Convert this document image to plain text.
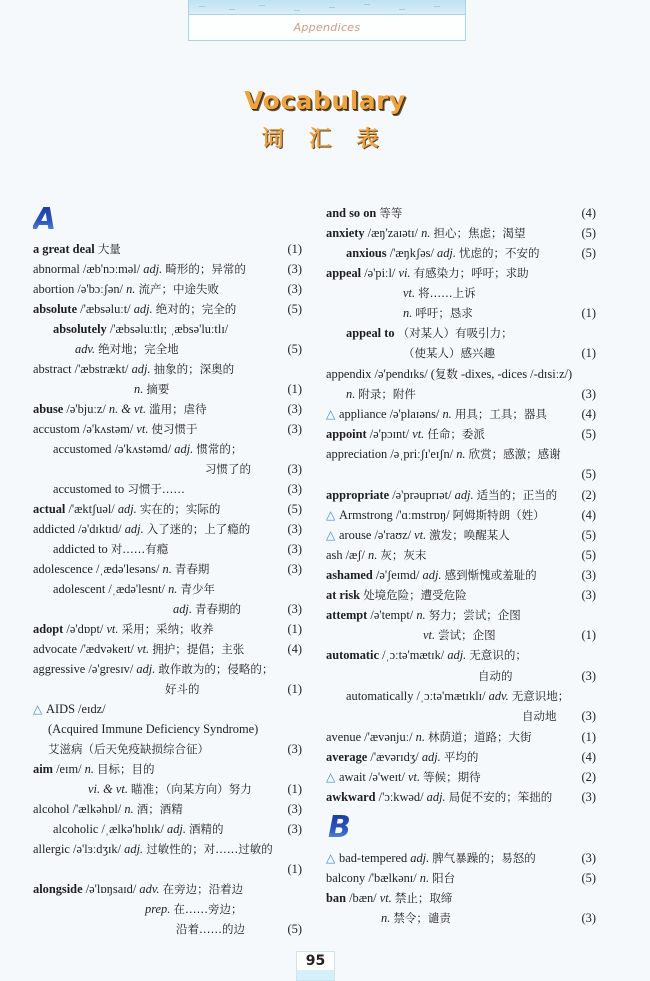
Appendices
Vocabulary
词 汇 表
A
a great deal 大量	(1)
abnormal /æb'nɔːməl/ adj. 畸形的；异常的	(3)
abortion /ə'bɔːʃən/ n. 流产；中途失败	(3)
absolute /'æbsəluːt/ adj. 绝对的；完全的	(5)
absolutely /'æbsəluːtlɪ; ˌæbsə'luːtlɪ/
adv. 绝对地；完全地	(5)
abstract /'æbstrækt/ adj. 抽象的；深奥的
n. 摘要	(1)
abuse /ə'bjuːz/ n. & vt. 滥用；虐待	(3)
accustom /ə'kʌstəm/ vt. 使习惯于	(3)
accustomed /ə'kʌstəmd/ adj. 惯常的；
习惯了的	(3)
accustomed to 习惯于……	(3)
actual /'æktʃuəl/ adj. 实在的；实际的	(5)
addicted /ə'dɪktɪd/ adj. 入了迷的；上了瘾的	(3)
addicted to 对……有瘾	(3)
adolescence /ˌædə'lesəns/ n. 青春期	(3)
adolescent /ˌædə'lesnt/ n. 青少年
adj. 青春期的	(3)
adopt /ə'dɒpt/ vt. 采用；采纳；收养	(1)
advocate /'ædvəkeɪt/ vt. 拥护；提倡；主张	(4)
aggressive /ə'gresɪv/ adj. 敢作敢为的；侵略的；
好斗的	(1)
△ AIDS /eɪdz/
(Acquired Immune Deficiency Syndrome)
艾滋病（后天免疫缺损综合征）	(3)
aim /eɪm/ n. 目标；目的
vi. & vt. 瞄准；（向某方向）努力	(1)
alcohol /'ælkəhɒl/ n. 酒；酒精	(3)
alcoholic /ˌælkə'hɒlɪk/ adj. 酒精的	(3)
allergic /ə'lɜːdʒɪk/ adj. 过敏性的；对……过敏的
(1)
alongside /ə'lɒŋsaɪd/ adv. 在旁边；沿着边
prep. 在……旁边；
沿着……的边	(5)
B
and so on 等等	(4)
anxiety /æŋ'zaɪətɪ/ n. 担心；焦虑；渴望	(5)
anxious /'æŋkʃəs/ adj. 忧虑的；不安的	(5)
appeal /ə'piːl/ vi. 有感染力；呼吁；求助
vt. 将……上诉
n. 呼吁；恳求	(1)
appeal to （对某人）有吸引力；
（使某人）感兴趣	(1)
appendix /ə'pendɪks/ (复数 -dixes, -dices /-dɪsiːz/)
n. 附录；附件	(3)
△ appliance /ə'plaɪəns/ n. 用具；工具；器具	(4)
appoint /ə'pɔɪnt/ vt. 任命；委派	(5)
appreciation /əˌpriːʃɪ'eɪʃn/ n. 欣赏；感激；感谢
(5)
appropriate /ə'prəuprɪət/ adj. 适当的；正当的 (2)
△ Armstrong /'ɑːmstrɒŋ/ 阿姆斯特朗（姓）	(4)
△ arouse /ə'raʊz/ vt. 激发；唤醒某人	(5)
ash /æʃ/ n. 灰；灰末	(5)
ashamed /ə'ʃeɪmd/ adj. 感到惭愧或羞耻的	(3)
at risk 处境危险；遭受危险	(3)
attempt /ə'tempt/ n. 努力；尝试；企图
vt. 尝试；企图	(1)
automatic /ˌɔːtə'mætɪk/ adj. 无意识的；
自动的	(3)
automatically /ˌɔːtə'mætɪklɪ/ adv. 无意识地；
自动地 (3)
avenue /'ævənjuː/ n. 林荫道；道路；大街	(1)
average /'ævərɪdʒ/ adj. 平均的	(4)
△ await /ə'weɪt/ vt. 等候；期待	(2)
awkward /'ɔːkwəd/ adj. 局促不安的；笨拙的 (3)
△ bad-tempered adj. 脾气暴躁的；易怒的	(3)
balcony /'bælkənɪ/ n. 阳台	(5)
ban /bæn/ vt. 禁止；取缔
n. 禁令；谴责	(3)
95
